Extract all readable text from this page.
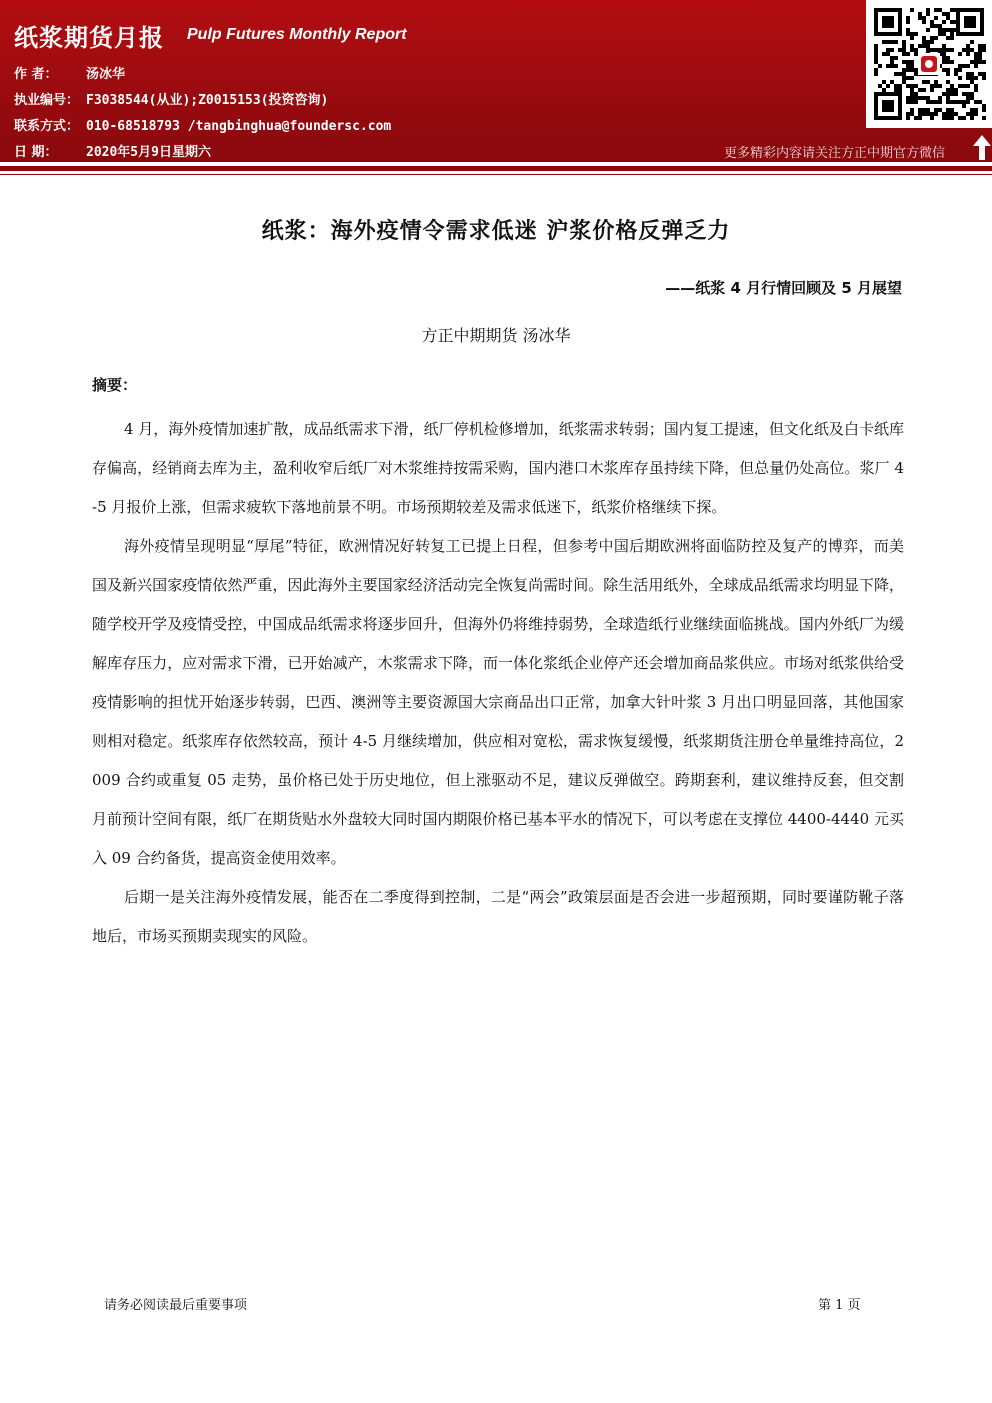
纸浆期货月报 Pulp Futures Monthly Report
作 者： 汤冰华
执业编号： F3038544(从业);Z0015153(投资咨询)
联系方式： 010-68518793 /tangbinghua@foundersc.com
日 期： 2020年5月9日星期六	更多精彩内容请关注方正中期官方微信
纸浆：海外疫情令需求低迷 沪浆价格反弹乏力
——纸浆 4 月行情回顾及 5 月展望
方正中期期货 汤冰华
摘要：

4 月，海外疫情加速扩散，成品纸需求下滑，纸厂停机检修增加，纸浆需求转弱；国内复工提速，但文化纸及白卡纸库存偏高，经销商去库为主，盈利收窄后纸厂对木浆维持按需采购，国内港口木浆库存虽持续下降，但总量仍处高位。浆厂 4-5 月报价上涨，但需求疲软下落地前景不明。市场预期较差及需求低迷下，纸浆价格继续下探。

海外疫情呈现明显“厚尾”特征，欧洲情况好转复工已提上日程，但参考中国后期欧洲将面临防控及复产的博弈，而美国及新兴国家疫情依然严重，因此海外主要国家经济活动完全恢复尚需时间。除生活用纸外，全球成品纸需求均明显下降，随学校开学及疫情受控，中国成品纸需求将逐步回升，但海外仍将维持弱势，全球造纸行业继续面临挑战。国内外纸厂为缓解库存压力，应对需求下滑，已开始减产，木浆需求下降，而一体化浆纸企业停产还会增加商品浆供应。市场对纸浆供给受疫情影响的担忧开始逐步转弱，巴西、澳洲等主要资源国大宗商品出口正常，加拿大针叶浆 3 月出口明显回落，其他国家则相对稳定。纸浆库存依然较高，预计 4-5 月继续增加，供应相对宽松，需求恢复缓慢，纸浆期货注册仓单量维持高位，2009 合约或重复 05 走势，虽价格已处于历史地位，但上涨驱动不足，建议反弹做空。跨期套利，建议维持反套，但交割月前预计空间有限，纸厂在期货贴水外盘较大同时国内期限价格已基本平水的情况下，可以考虑在支撑位 4400-4440 元买入 09 合约备货，提高资金使用效率。

后期一是关注海外疫情发展，能否在二季度得到控制，二是“两会”政策层面是否会进一步超预期，同时要谨防靴子落地后，市场买预期卖现实的风险。

请务必阅读最后重要事项	第 1 页
